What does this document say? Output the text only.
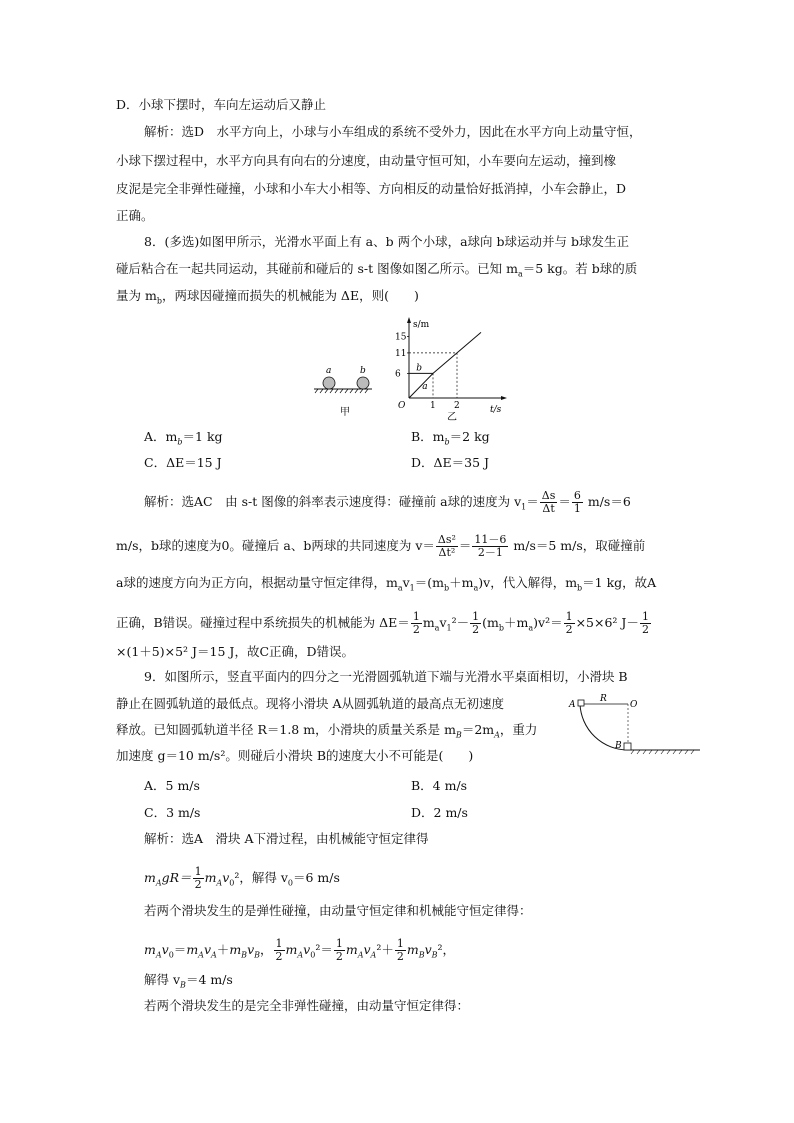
D．小球下摆时，车向左运动后又静止
解析：选D　水平方向上，小球与小车组成的系统不受外力，因此在水平方向上动量守恒，
小球下摆过程中，水平方向具有向右的分速度，由动量守恒可知，小车要向左运动，撞到橡
皮泥是完全非弹性碰撞，小球和小车大小相等、方向相反的动量恰好抵消掉，小车会静止，D
正确。
8．(多选)如图甲所示，光滑水平面上有 a、b 两个小球，a球向 b球运动并与 b球发生正
碰后粘合在一起共同运动，其碰前和碰后的 s-t 图像如图乙所示。已知 $m_a=5$ kg。若 b球的质
量为 $m_b$，两球因碰撞而损失的机械能为 ΔE，则(　　)
a	b
甲
s/m
t/s
O
15
11
6
1 2
b
a
乙
A．$m_b=1$ kg	B．$m_b=2$ kg
C．ΔE＝15 J	D．ΔE＝35 J
解析：选AC　由 s-t 图像的斜率表示速度得：碰撞前 a球的速度为 $v_1= \frac{\Delta s}{\Delta t} = \frac{6}{1} m/s=6$
m/s，b球的速度为0。碰撞后 a、b两球的共同速度为 $v= \frac{\text{Δs²}}{\text{Δt²}} = \frac{11-6}{2-1} m/s=5$ m/s，取碰撞前
a球的速度方向为正方向，根据动量守恒定律得，$m_av_1=(m_b+m_a)v$，代入解得，$m_b=1$ kg，故A
正确，B错误。碰撞过程中系统损失的机械能为 $\Delta E= \frac{1}{2} m_av_1^2- \frac{1}{2} (m_b+m_a)v^2= \frac{1}{2} \times 5\times 6^2$ $J- \frac{1}{2}$
×(1＋5)×5² J＝15 J，故C正确，D错误。
9．如图所示，竖直平面内的四分之一光滑圆弧轨道下端与光滑水平桌面相切，小滑块 B
静止在圆弧轨道的最低点。现将小滑块 A从圆弧轨道的最高点无初速度
释放。已知圆弧轨道半径 R＝1.8 m，小滑块的质量关系是 $m_B=2m_A$，重力
加速度 g＝10 m/s²。则碰后小滑块 B的速度大小不可能是(　　)
A
R
O
B
A．5 m/s	B．4 m/s
C．3 m/s	D．2 m/s
解析：选A　滑块 A下滑过程，由机械能守恒定律得
$m_AgR= \frac{1}{2} m_Av_0^2$，解得 $v_0=6$ m/s
若两个滑块发生的是弹性碰撞，由动量守恒定律和机械能守恒定律得：
$m_Av_0=m_Av_A+m_Bv_B$， $\frac{1}{2} m_Av_0^2= \frac{1}{2} m_Av_A^2+ \frac{1}{2} m_Bv_B^2$，
解得 $v_B=4$ m/s
若两个滑块发生的是完全非弹性碰撞，由动量守恒定律得：
